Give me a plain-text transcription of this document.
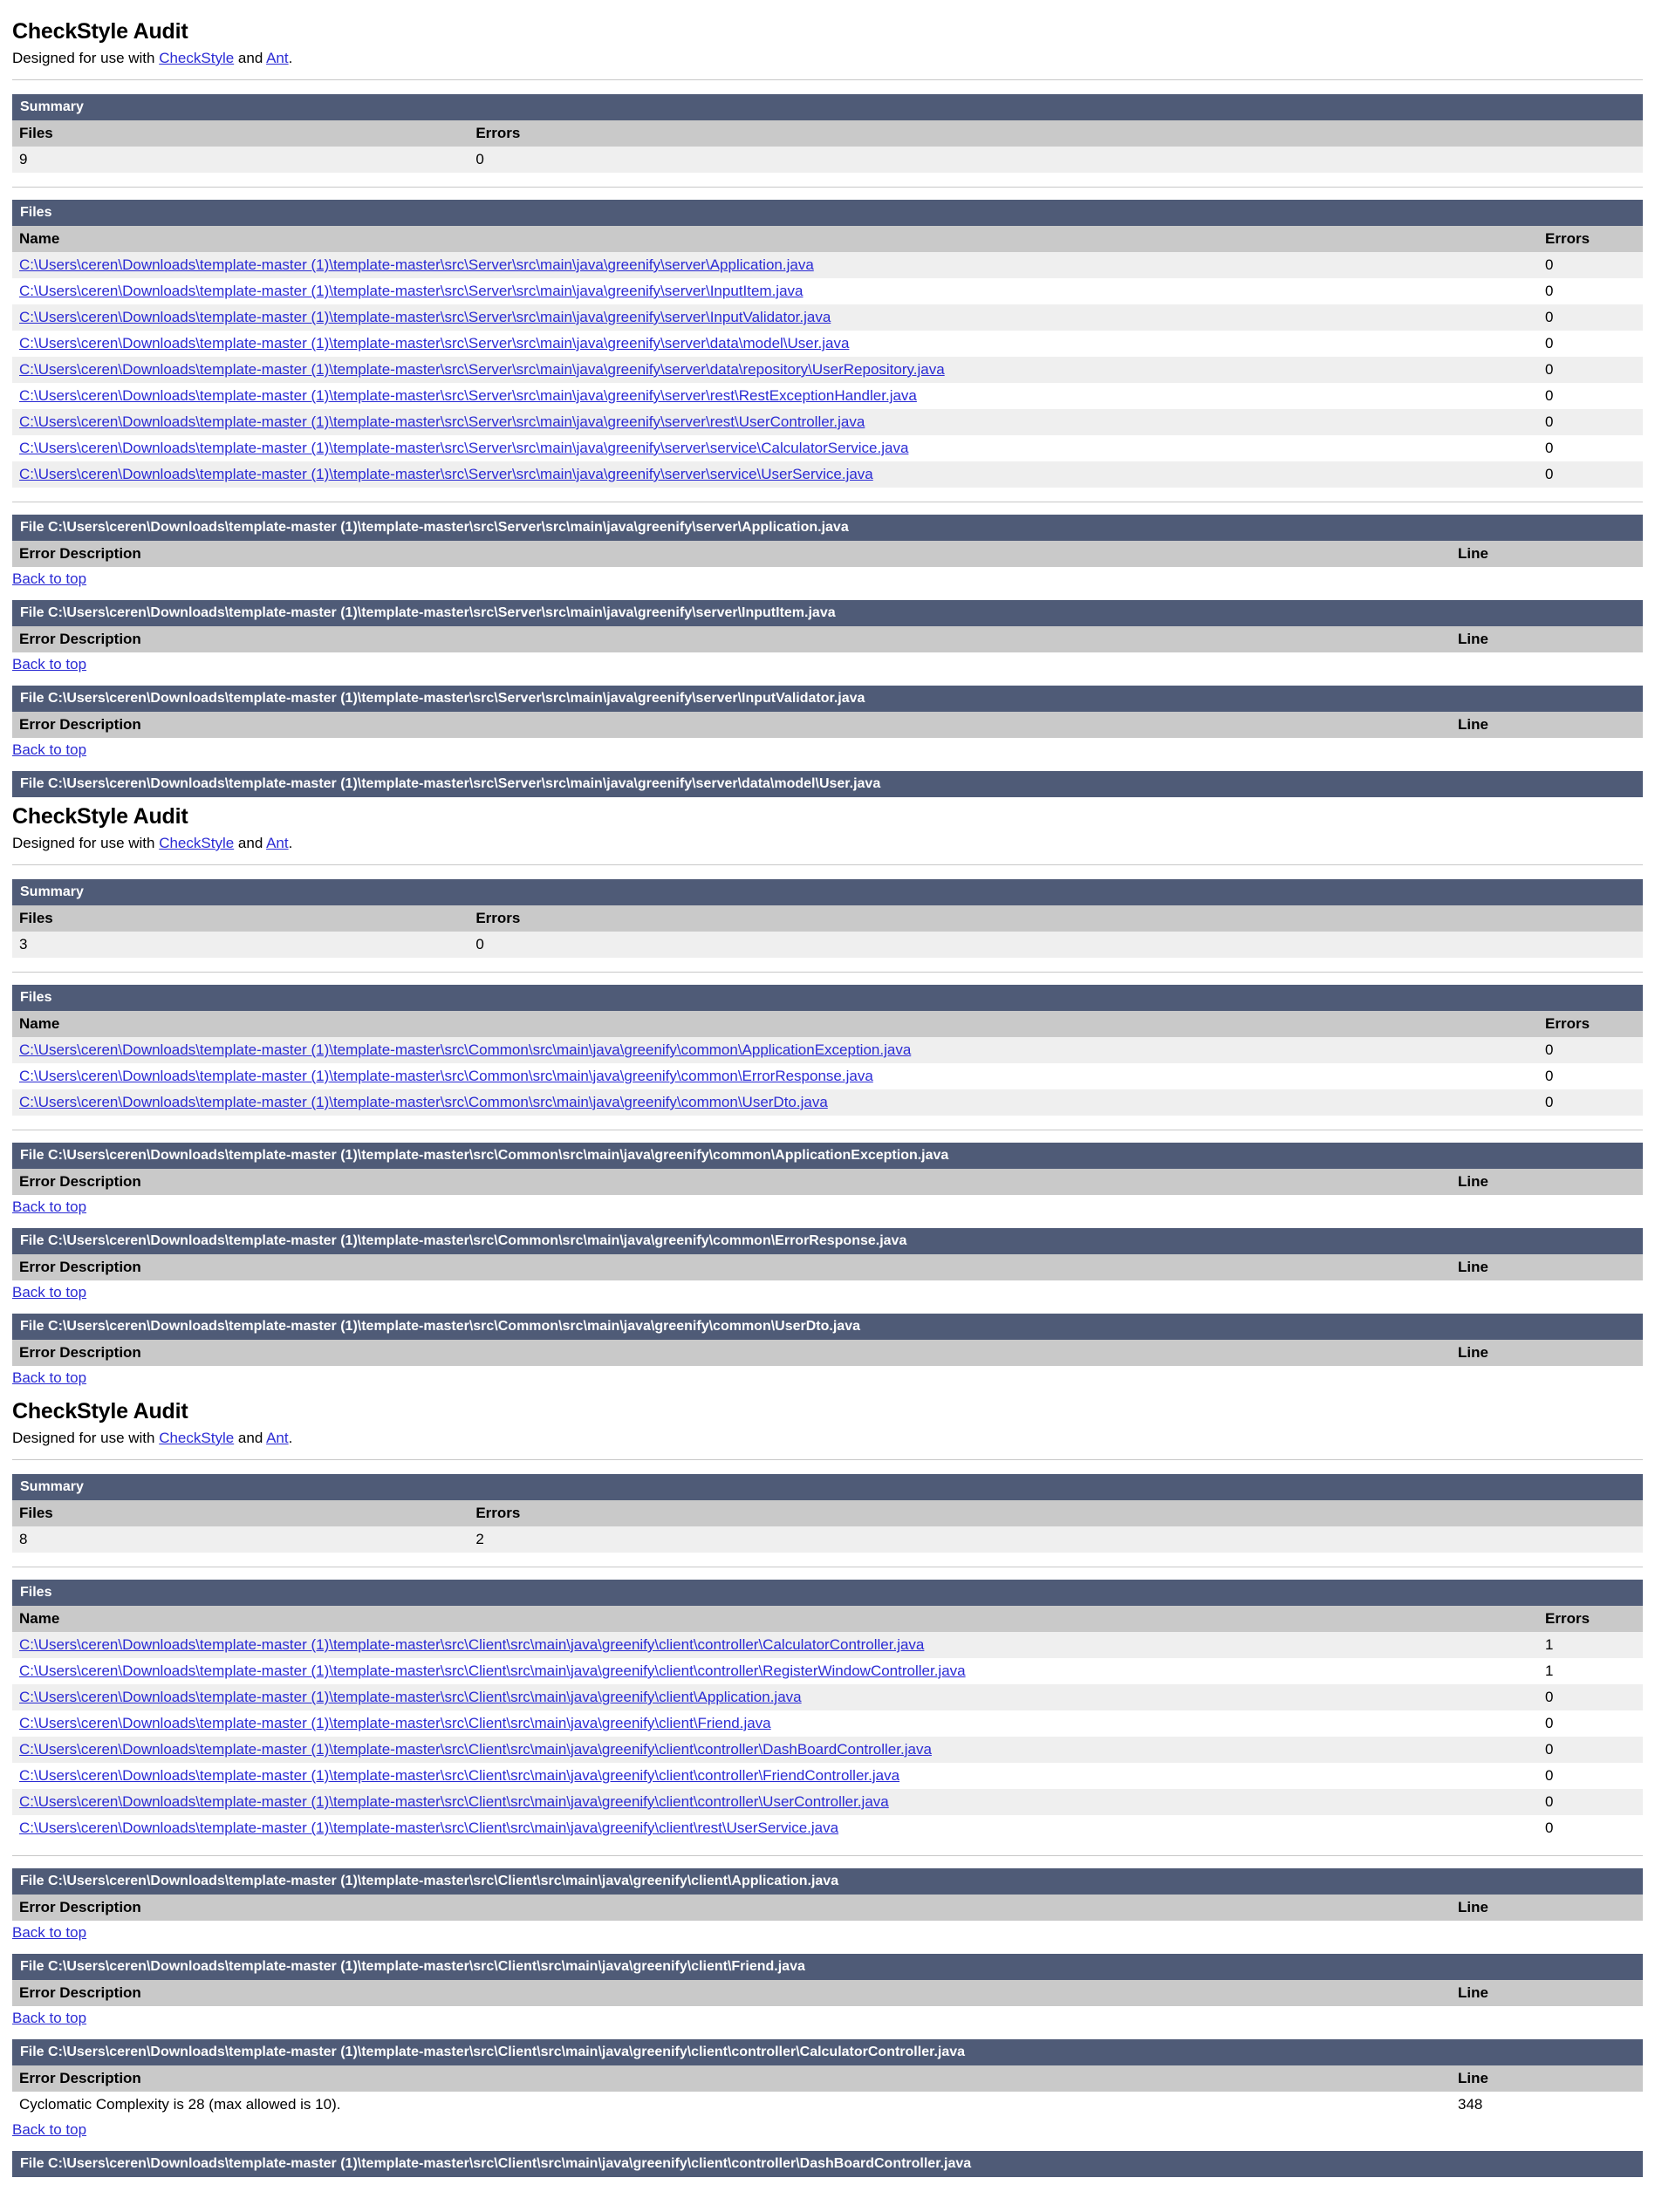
CheckStyle Audit

Designed for use with CheckStyle and Ant.

Summary	
Files	Errors
9	0
Files	
Name	Errors
C:\Users\ceren\Downloads\template-master (1)\template-master\src\Server\src\main\java\greenify\server\Application.java	0
C:\Users\ceren\Downloads\template-master (1)\template-master\src\Server\src\main\java\greenify\server\InputItem.java	0
C:\Users\ceren\Downloads\template-master (1)\template-master\src\Server\src\main\java\greenify\server\InputValidator.java	0
C:\Users\ceren\Downloads\template-master (1)\template-master\src\Server\src\main\java\greenify\server\data\model\User.java	0
C:\Users\ceren\Downloads\template-master (1)\template-master\src\Server\src\main\java\greenify\server\data\repository\UserRepository.java	0
C:\Users\ceren\Downloads\template-master (1)\template-master\src\Server\src\main\java\greenify\server\rest\RestExceptionHandler.java	0
C:\Users\ceren\Downloads\template-master (1)\template-master\src\Server\src\main\java\greenify\server\rest\UserController.java	0
C:\Users\ceren\Downloads\template-master (1)\template-master\src\Server\src\main\java\greenify\server\service\CalculatorService.java	0
C:\Users\ceren\Downloads\template-master (1)\template-master\src\Server\src\main\java\greenify\server\service\UserService.java	0
File C:\Users\ceren\Downloads\template-master (1)\template-master\src\Server\src\main\java\greenify\server\Application.java
Error Description	Line
Back to top
File C:\Users\ceren\Downloads\template-master (1)\template-master\src\Server\src\main\java\greenify\server\InputItem.java
Error Description	Line
Back to top
File C:\Users\ceren\Downloads\template-master (1)\template-master\src\Server\src\main\java\greenify\server\InputValidator.java
Error Description	Line
Back to top
File C:\Users\ceren\Downloads\template-master (1)\template-master\src\Server\src\main\java\greenify\server\data\model\User.java
CheckStyle Audit

Designed for use with CheckStyle and Ant.

Summary	
Files	Errors
3	0
Files	
Name	Errors
C:\Users\ceren\Downloads\template-master (1)\template-master\src\Common\src\main\java\greenify\common\ApplicationException.java	0
C:\Users\ceren\Downloads\template-master (1)\template-master\src\Common\src\main\java\greenify\common\ErrorResponse.java	0
C:\Users\ceren\Downloads\template-master (1)\template-master\src\Common\src\main\java\greenify\common\UserDto.java	0
File C:\Users\ceren\Downloads\template-master (1)\template-master\src\Common\src\main\java\greenify\common\ApplicationException.java
Error Description	Line
Back to top
File C:\Users\ceren\Downloads\template-master (1)\template-master\src\Common\src\main\java\greenify\common\ErrorResponse.java
Error Description	Line
Back to top
File C:\Users\ceren\Downloads\template-master (1)\template-master\src\Common\src\main\java\greenify\common\UserDto.java
Error Description	Line
Back to top
CheckStyle Audit

Designed for use with CheckStyle and Ant.

Summary	
Files	Errors
8	2
Files	
Name	Errors
C:\Users\ceren\Downloads\template-master (1)\template-master\src\Client\src\main\java\greenify\client\controller\CalculatorController.java	1
C:\Users\ceren\Downloads\template-master (1)\template-master\src\Client\src\main\java\greenify\client\controller\RegisterWindowController.java	1
C:\Users\ceren\Downloads\template-master (1)\template-master\src\Client\src\main\java\greenify\client\Application.java	0
C:\Users\ceren\Downloads\template-master (1)\template-master\src\Client\src\main\java\greenify\client\Friend.java	0
C:\Users\ceren\Downloads\template-master (1)\template-master\src\Client\src\main\java\greenify\client\controller\DashBoardController.java	0
C:\Users\ceren\Downloads\template-master (1)\template-master\src\Client\src\main\java\greenify\client\controller\FriendController.java	0
C:\Users\ceren\Downloads\template-master (1)\template-master\src\Client\src\main\java\greenify\client\controller\UserController.java	0
C:\Users\ceren\Downloads\template-master (1)\template-master\src\Client\src\main\java\greenify\client\rest\UserService.java	0
File C:\Users\ceren\Downloads\template-master (1)\template-master\src\Client\src\main\java\greenify\client\Application.java
Error Description	Line
Back to top
File C:\Users\ceren\Downloads\template-master (1)\template-master\src\Client\src\main\java\greenify\client\Friend.java
Error Description	Line
Back to top
File C:\Users\ceren\Downloads\template-master (1)\template-master\src\Client\src\main\java\greenify\client\controller\CalculatorController.java	
Error Description	Line
Cyclomatic Complexity is 28 (max allowed is 10).	348
Back to top
File C:\Users\ceren\Downloads\template-master (1)\template-master\src\Client\src\main\java\greenify\client\controller\DashBoardController.java
